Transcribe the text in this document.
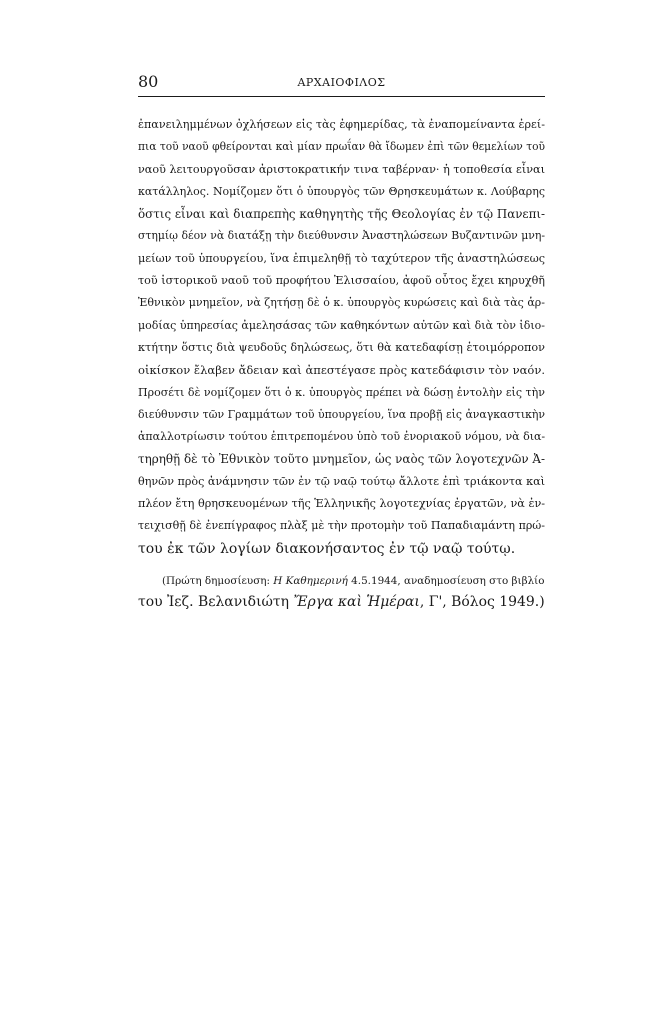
80	ΑΡΧΑΙΟΦΙΛΟΣ
ἐπανειλημμένων ὀχλήσεων εἰς τὰς ἐφημερίδας, τὰ ἐναπομείναντα ἐρεί-
πια τοῦ ναοῦ φθείρονται καὶ μίαν πρωΐαν θὰ ἴδωμεν ἐπὶ τῶν θεμελίων τοῦ
ναοῦ λειτουργοῦσαν ἀριστοκρατικήν τινα ταβέρναν· ἡ τοποθεσία εἶναι
κατάλληλος. Νομίζομεν ὅτι ὁ ὑπουργὸς τῶν Θρησκευμάτων κ. Λούβαρης
ὅστις εἶναι καὶ διαπρεπὴς καθηγητὴς τῆς Θεολογίας ἐν τῷ Πανεπι-
στημίῳ δέον νὰ διατάξῃ τὴν διεύθυνσιν Ἀναστηλώσεων Βυζαντινῶν μνη-
μείων τοῦ ὑπουργείου, ἵνα ἐπιμεληθῇ τὸ ταχύτερον τῆς ἀναστηλώσεως
τοῦ ἱστορικοῦ ναοῦ τοῦ προφήτου Ἐλισσαίου, ἀφοῦ οὗτος ἔχει κηρυχθῆ
Ἐθνικὸν μνημεῖον, νὰ ζητήσῃ δὲ ὁ κ. ὑπουργὸς κυρώσεις καὶ διὰ τὰς ἁρ-
μοδίας ὑπηρεσίας ἀμελησάσας τῶν καθηκόντων αὐτῶν καὶ διὰ τὸν ἰδιο-
κτήτην ὅστις διὰ ψευδοῦς δηλώσεως, ὅτι θὰ κατεδαφίσῃ ἑτοιμόρροπον
οἰκίσκον ἔλαβεν ἄδειαν καὶ ἀπεστέγασε πρὸς κατεδάφισιν τὸν ναόν.
Προσέτι δὲ νομίζομεν ὅτι ὁ κ. ὑπουργὸς πρέπει νὰ δώσῃ ἐντολὴν εἰς τὴν
διεύθυνσιν τῶν Γραμμάτων τοῦ ὑπουργείου, ἵνα προβῇ εἰς ἀναγκαστικὴν
ἀπαλλοτρίωσιν τούτου ἐπιτρεπομένου ὑπὸ τοῦ ἐνοριακοῦ νόμου, νὰ δια-
τηρηθῇ δὲ τὸ Ἐθνικὸν τοῦτο μνημεῖον, ὡς ναὸς τῶν λογοτεχνῶν Ἀ-
θηνῶν πρὸς ἀνάμνησιν τῶν ἐν τῷ ναῷ τούτῳ ἄλλοτε ἐπὶ τριάκοντα καὶ
πλέον ἔτη θρησκευομένων τῆς Ἑλληνικῆς λογοτεχνίας ἐργατῶν, νὰ ἐν-
τειχισθῇ δὲ ἐνεπίγραφος πλὰξ μὲ τὴν προτομὴν τοῦ Παπαδιαμάντη πρώ-
του ἐκ τῶν λογίων διακονήσαντος ἐν τῷ ναῷ τούτῳ.
(Πρώτη δημοσίευση: Η Καθημερινή 4.5.1944, αναδημοσίευση στο βιβλίο
του Ἰεζ. Βελανιδιώτη Ἔργα καὶ Ἡμέραι, Γ', Βόλος 1949.)
